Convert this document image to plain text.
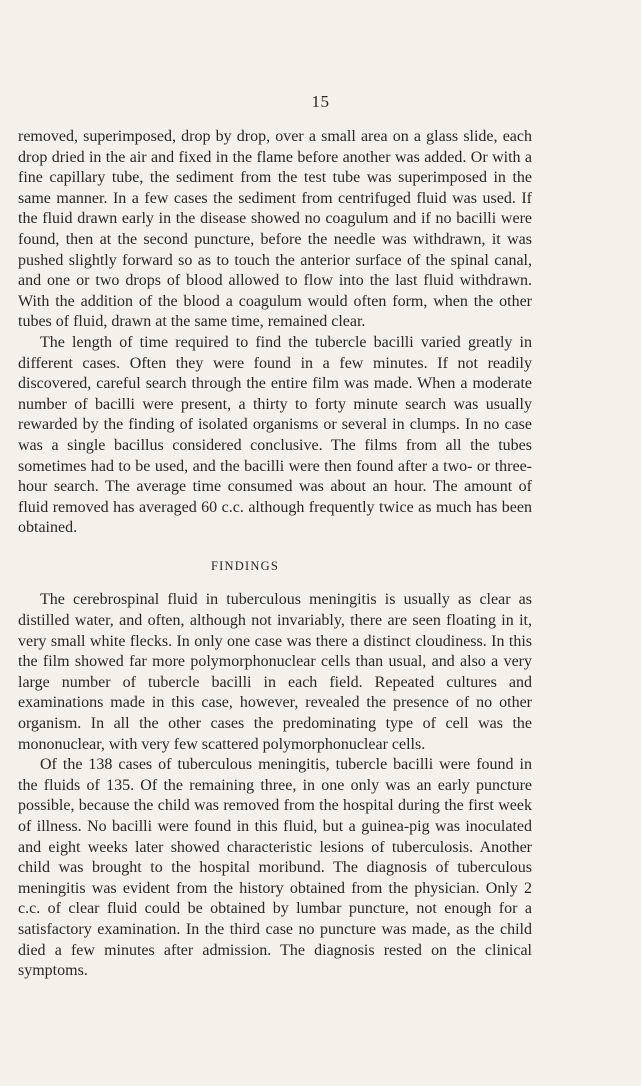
15

removed, superimposed, drop by drop, over a small area on a glass slide, each drop dried in the air and fixed in the flame before another was added. Or with a fine capillary tube, the sediment from the test tube was superimposed in the same manner. In a few cases the sediment from centrifuged fluid was used. If the fluid drawn early in the disease showed no coagulum and if no bacilli were found, then at the second puncture, before the needle was withdrawn, it was pushed slightly forward so as to touch the anterior surface of the spinal canal, and one or two drops of blood allowed to flow into the last fluid withdrawn. With the addition of the blood a coagulum would often form, when the other tubes of fluid, drawn at the same time, remained clear.

The length of time required to find the tubercle bacilli varied greatly in different cases. Often they were found in a few minutes. If not readily discovered, careful search through the entire film was made. When a moderate number of bacilli were present, a thirty to forty minute search was usually rewarded by the finding of isolated organisms or several in clumps. In no case was a single bacillus considered conclusive. The films from all the tubes sometimes had to be used, and the bacilli were then found after a two- or three-hour search. The average time consumed was about an hour. The amount of fluid removed has averaged 60 c.c. although frequently twice as much has been obtained.

FINDINGS

The cerebrospinal fluid in tuberculous meningitis is usually as clear as distilled water, and often, although not invariably, there are seen floating in it, very small white flecks. In only one case was there a distinct cloudiness. In this the film showed far more polymorphonuclear cells than usual, and also a very large number of tubercle bacilli in each field. Repeated cultures and examinations made in this case, however, revealed the presence of no other organism. In all the other cases the predominating type of cell was the mononuclear, with very few scattered polymorphonuclear cells.

Of the 138 cases of tuberculous meningitis, tubercle bacilli were found in the fluids of 135. Of the remaining three, in one only was an early puncture possible, because the child was removed from the hospital during the first week of illness. No bacilli were found in this fluid, but a guinea-pig was inoculated and eight weeks later showed characteristic lesions of tuberculosis. Another child was brought to the hospital moribund. The diagnosis of tuberculous meningitis was evident from the history obtained from the physician. Only 2 c.c. of clear fluid could be obtained by lumbar puncture, not enough for a satisfactory examination. In the third case no puncture was made, as the child died a few minutes after admission. The diagnosis rested on the clinical symptoms.
